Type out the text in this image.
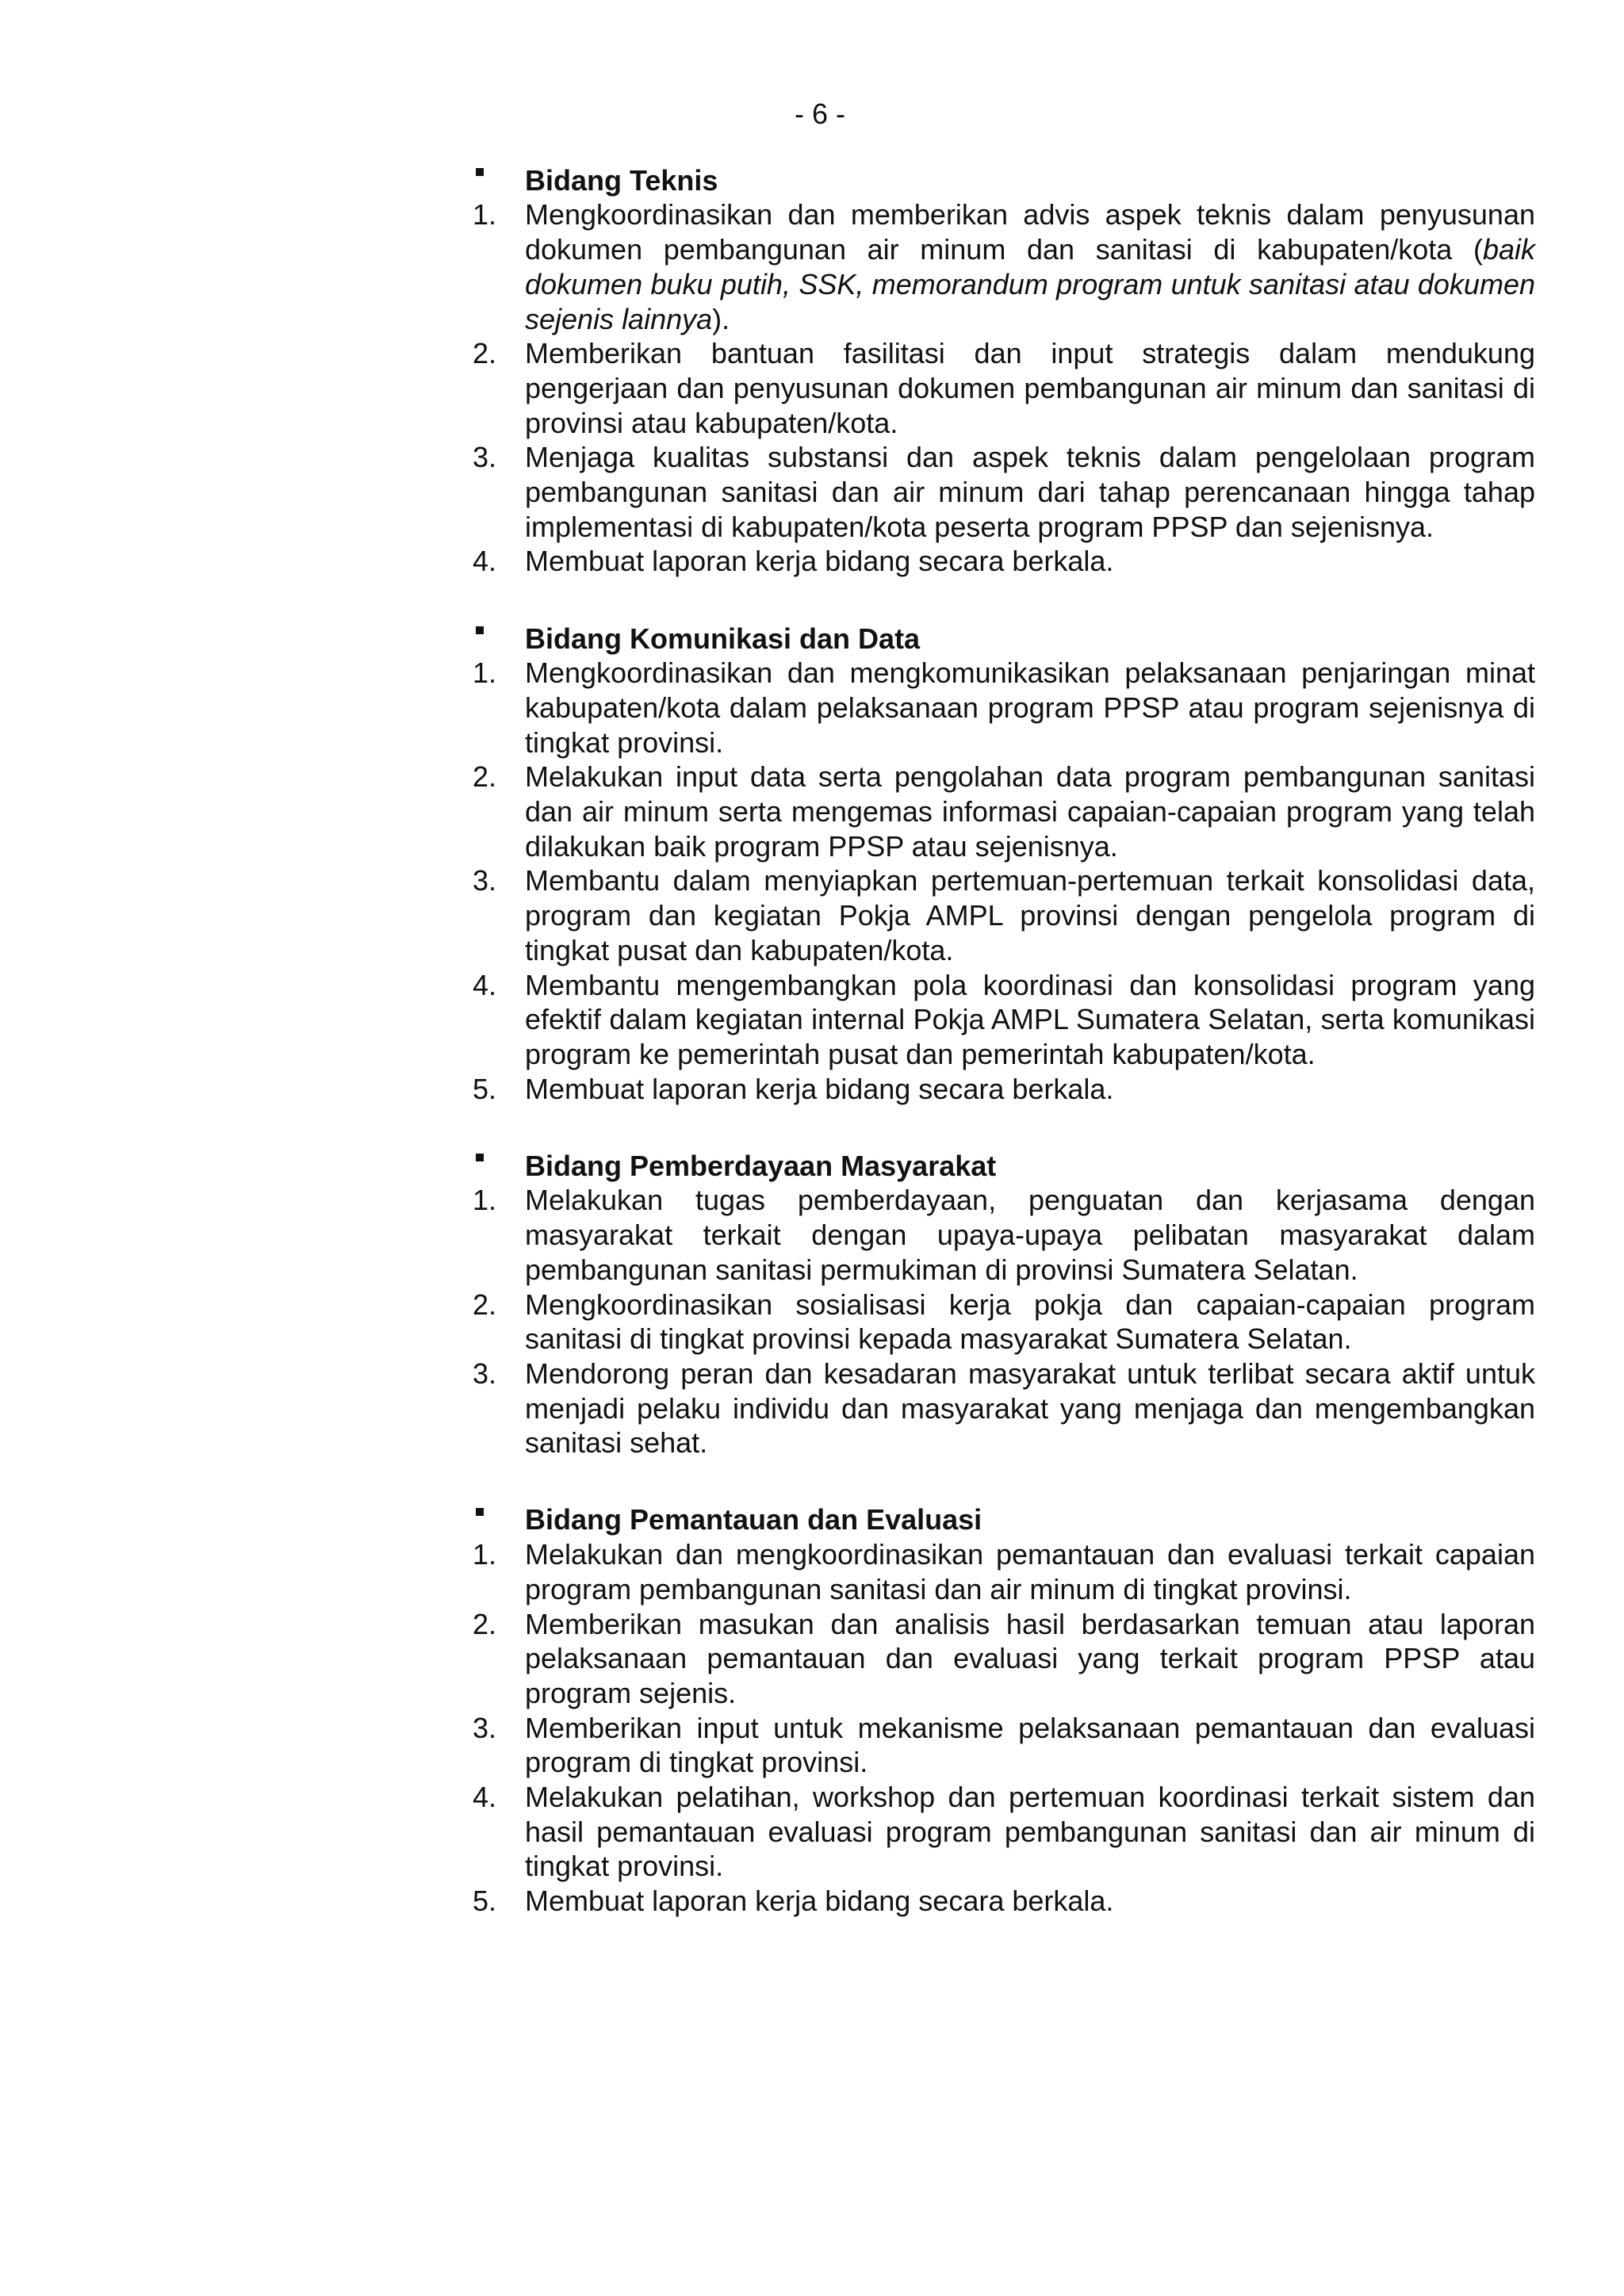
- 6 -
Bidang Teknis
1. Mengkoordinasikan dan memberikan advis aspek teknis dalam penyusunan dokumen pembangunan air minum dan sanitasi di kabupaten/kota (baik dokumen buku putih, SSK, memorandum program untuk sanitasi atau dokumen sejenis lainnya).
2. Memberikan bantuan fasilitasi dan input strategis dalam mendukung pengerjaan dan penyusunan dokumen pembangunan air minum dan sanitasi di provinsi atau kabupaten/kota.
3. Menjaga kualitas substansi dan aspek teknis dalam pengelolaan program pembangunan sanitasi dan air minum dari tahap perencanaan hingga tahap implementasi di kabupaten/kota peserta program PPSP dan sejenisnya.
4. Membuat laporan kerja bidang secara berkala.
Bidang Komunikasi dan Data
1. Mengkoordinasikan dan mengkomunikasikan pelaksanaan penjaringan minat kabupaten/kota dalam pelaksanaan program PPSP atau program sejenisnya di tingkat provinsi.
2. Melakukan input data serta pengolahan data program pembangunan sanitasi dan air minum serta mengemas informasi capaian-capaian program yang telah dilakukan baik program PPSP atau sejenisnya.
3. Membantu dalam menyiapkan pertemuan-pertemuan terkait konsolidasi data, program dan kegiatan Pokja AMPL provinsi dengan pengelola program di tingkat pusat dan kabupaten/kota.
4. Membantu mengembangkan pola koordinasi dan konsolidasi program yang efektif dalam kegiatan internal Pokja AMPL Sumatera Selatan, serta komunikasi program ke pemerintah pusat dan pemerintah kabupaten/kota.
5. Membuat laporan kerja bidang secara berkala.
Bidang Pemberdayaan Masyarakat
1. Melakukan tugas pemberdayaan, penguatan dan kerjasama dengan masyarakat terkait dengan upaya-upaya pelibatan masyarakat dalam pembangunan sanitasi permukiman di provinsi Sumatera Selatan.
2. Mengkoordinasikan sosialisasi kerja pokja dan capaian-capaian program sanitasi di tingkat provinsi kepada masyarakat Sumatera Selatan.
3. Mendorong peran dan kesadaran masyarakat untuk terlibat secara aktif untuk menjadi pelaku individu dan masyarakat yang menjaga dan mengembangkan sanitasi sehat.
Bidang Pemantauan dan Evaluasi
1. Melakukan dan mengkoordinasikan pemantauan dan evaluasi terkait capaian program pembangunan sanitasi dan air minum di tingkat provinsi.
2. Memberikan masukan dan analisis hasil berdasarkan temuan atau laporan pelaksanaan pemantauan dan evaluasi yang terkait program PPSP atau program sejenis.
3. Memberikan input untuk mekanisme pelaksanaan pemantauan dan evaluasi program di tingkat provinsi.
4. Melakukan pelatihan, workshop dan pertemuan koordinasi terkait sistem dan hasil pemantauan evaluasi program pembangunan sanitasi dan air minum di tingkat provinsi.
5. Membuat laporan kerja bidang secara berkala.
